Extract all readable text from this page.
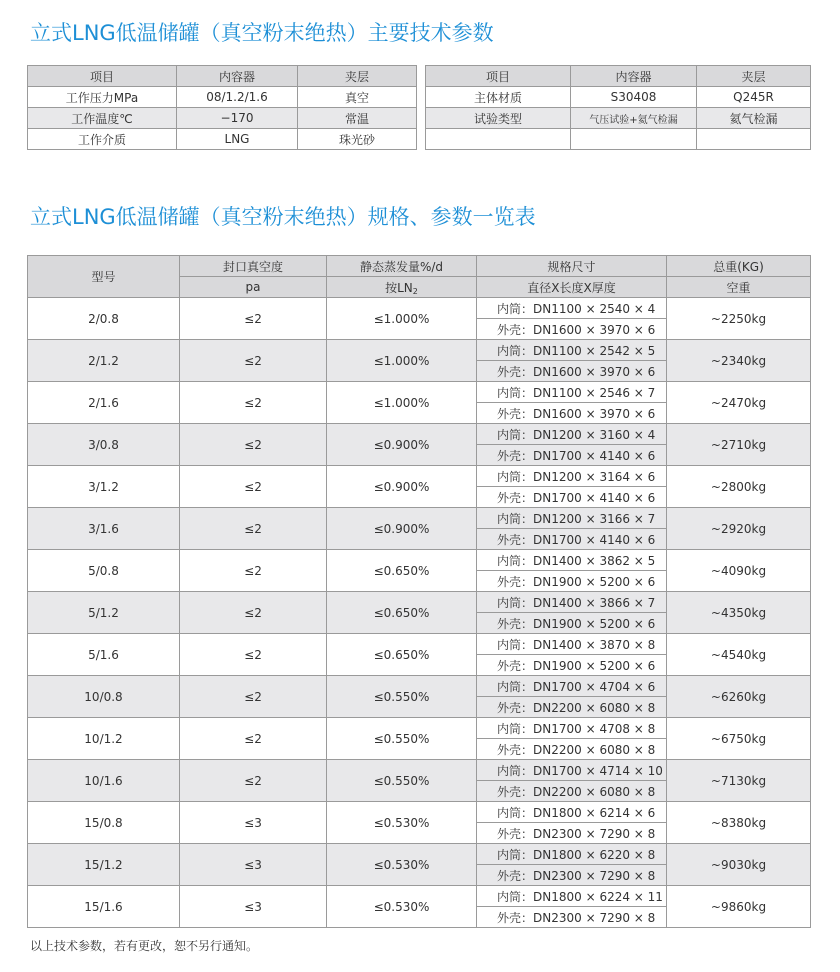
立式LNG低温储罐（真空粉末绝热）主要技术参数
项目	内容器	夹层
工作压力MPa	08/1.2/1.6	真空
工作温度℃	−170	常温
工作介质	LNG	珠光砂
项目	内容器	夹层
主体材质	S30408	Q245R
试验类型	气压试验+氦气检漏	氦气检漏

立式LNG低温储罐（真空粉末绝热）规格、参数一览表
型号	封口真空度	静态蒸发量%/d	规格尺寸	总重(KG)
	pa	按$LN_2$	直径X长度X厚度	空重
2/0.8	≤2	≤1.000%	内筒：DN1100 × 2540 × 4	~2250kg
			外壳：DN1600 × 3970 × 6	
2/1.2	≤2	≤1.000%	内筒：DN1100 × 2542 × 5	~2340kg
			外壳：DN1600 × 3970 × 6	
2/1.6	≤2	≤1.000%	内筒：DN1100 × 2546 × 7	~2470kg
			外壳：DN1600 × 3970 × 6	
3/0.8	≤2	≤0.900%	内筒：DN1200 × 3160 × 4	~2710kg
			外壳：DN1700 × 4140 × 6	
3/1.2	≤2	≤0.900%	内筒：DN1200 × 3164 × 6	~2800kg
			外壳：DN1700 × 4140 × 6	
3/1.6	≤2	≤0.900%	内筒：DN1200 × 3166 × 7	~2920kg
			外壳：DN1700 × 4140 × 6	
5/0.8	≤2	≤0.650%	内筒：DN1400 × 3862 × 5	~4090kg
			外壳：DN1900 × 5200 × 6	
5/1.2	≤2	≤0.650%	内筒：DN1400 × 3866 × 7	~4350kg
			外壳：DN1900 × 5200 × 6	
5/1.6	≤2	≤0.650%	内筒：DN1400 × 3870 × 8	~4540kg
			外壳：DN1900 × 5200 × 6	
10/0.8	≤2	≤0.550%	内筒：DN1700 × 4704 × 6	~6260kg
			外壳：DN2200 × 6080 × 8	
10/1.2	≤2	≤0.550%	内筒：DN1700 × 4708 × 8	~6750kg
			外壳：DN2200 × 6080 × 8	
10/1.6	≤2	≤0.550%	内筒：DN1700 × 4714 × 10	~7130kg
			外壳：DN2200 × 6080 × 8	
15/0.8	≤3	≤0.530%	内筒：DN1800 × 6214 × 6	~8380kg
			外壳：DN2300 × 7290 × 8	
15/1.2	≤3	≤0.530%	内筒：DN1800 × 6220 × 8	~9030kg
			外壳：DN2300 × 7290 × 8	
15/1.6	≤3	≤0.530%	内筒：DN1800 × 6224 × 11	~9860kg
			外壳：DN2300 × 7290 × 8	

以上技术参数，若有更改，恕不另行通知。
